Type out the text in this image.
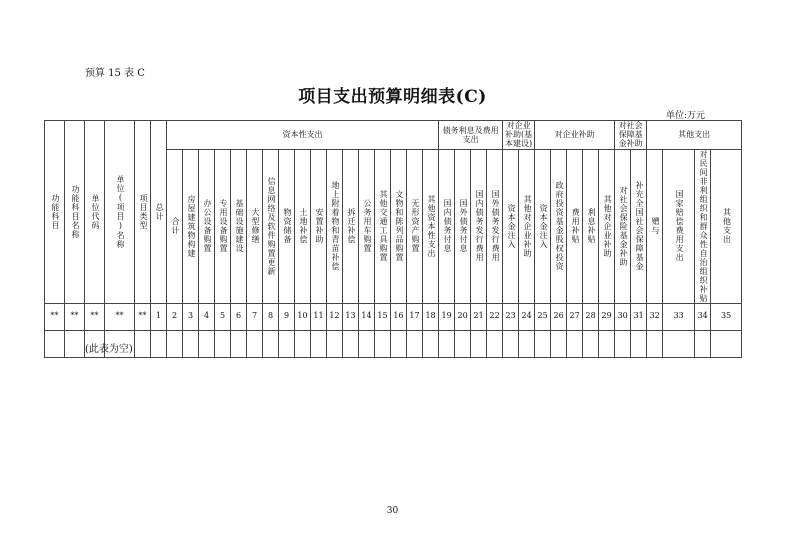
预算 15 表 C
项目支出预算明细表(C)
单位:万元
功能科目	功能科目名称	单位代码	单位(项目)名称	项目类型	总计	资本性支出																	债务利息及费用支出				对企业补助(基本建设)		对企业补助					对社会保障基金补助		其他支出			

						合计	房屋建筑物构建	办公设备购置	专用设备购置	基础设施建设	大型修缮	信息网络及软件购置更新	物资储备	土地补偿	安置补助	地上附着物和青苗补偿	拆迁补偿	公务用车购置	其他交通工具购置	文物和陈列品购置	无形资产购置	其他资本性支出	国内债务付息	国外债务付息	国内债务发行费用	国外债务发行费用	资本金注入	其他对企业补助	资本金注入	政府投资基金股权投资	费用补贴	利息补贴	其他对企业补助	对社会保险基金补助	补充全国社会保障基金	赠与	国家赔偿费用支出	对民间非利组织和群众性自治组织补贴	其他支出

**	**	**	**	**	1	2	3	4	5	6	7	8	9	10	11	12	13	14	15	16	17	18	19	20	21	22	23	24	25	26	27	28	29	30	31	32	33	34	35

(此表为空)
30
